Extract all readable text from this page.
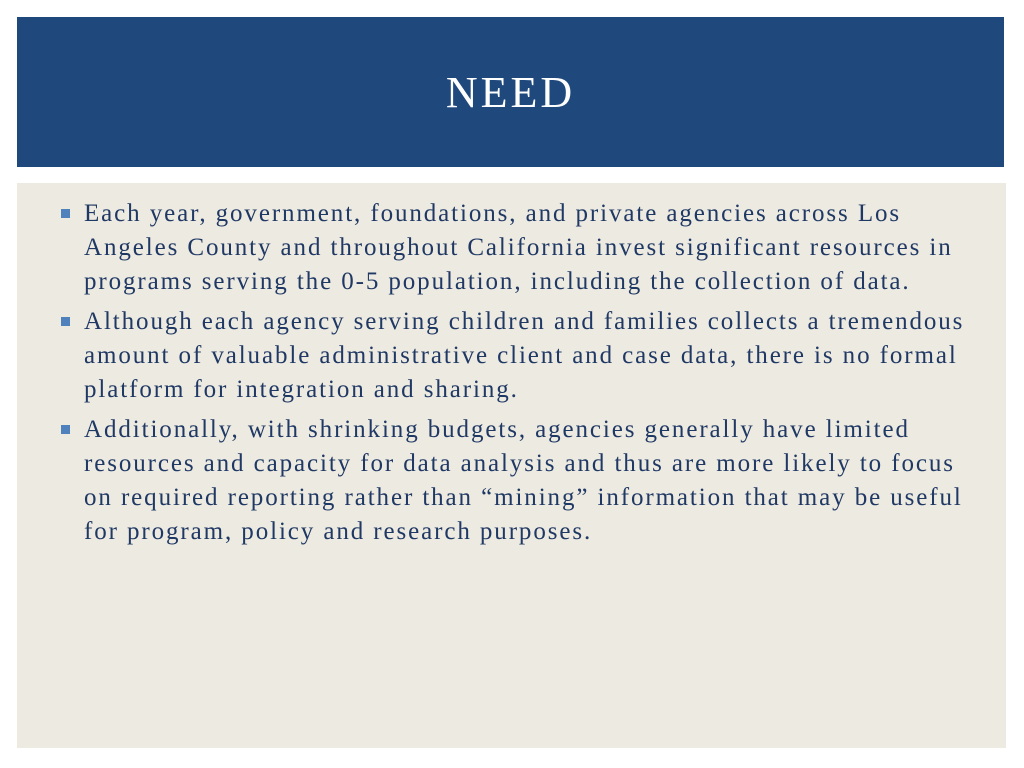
NEED
Each year, government, foundations, and private agencies across Los Angeles County and throughout California invest significant resources in programs serving the 0-5 population, including the collection of data.
Although each agency serving children and families collects a tremendous amount of valuable administrative client and case data, there is no formal platform for integration and sharing.
Additionally, with shrinking budgets, agencies generally have limited resources and capacity for data analysis and thus are more likely to focus on required reporting rather than “mining” information that may be useful for program, policy and research purposes.
